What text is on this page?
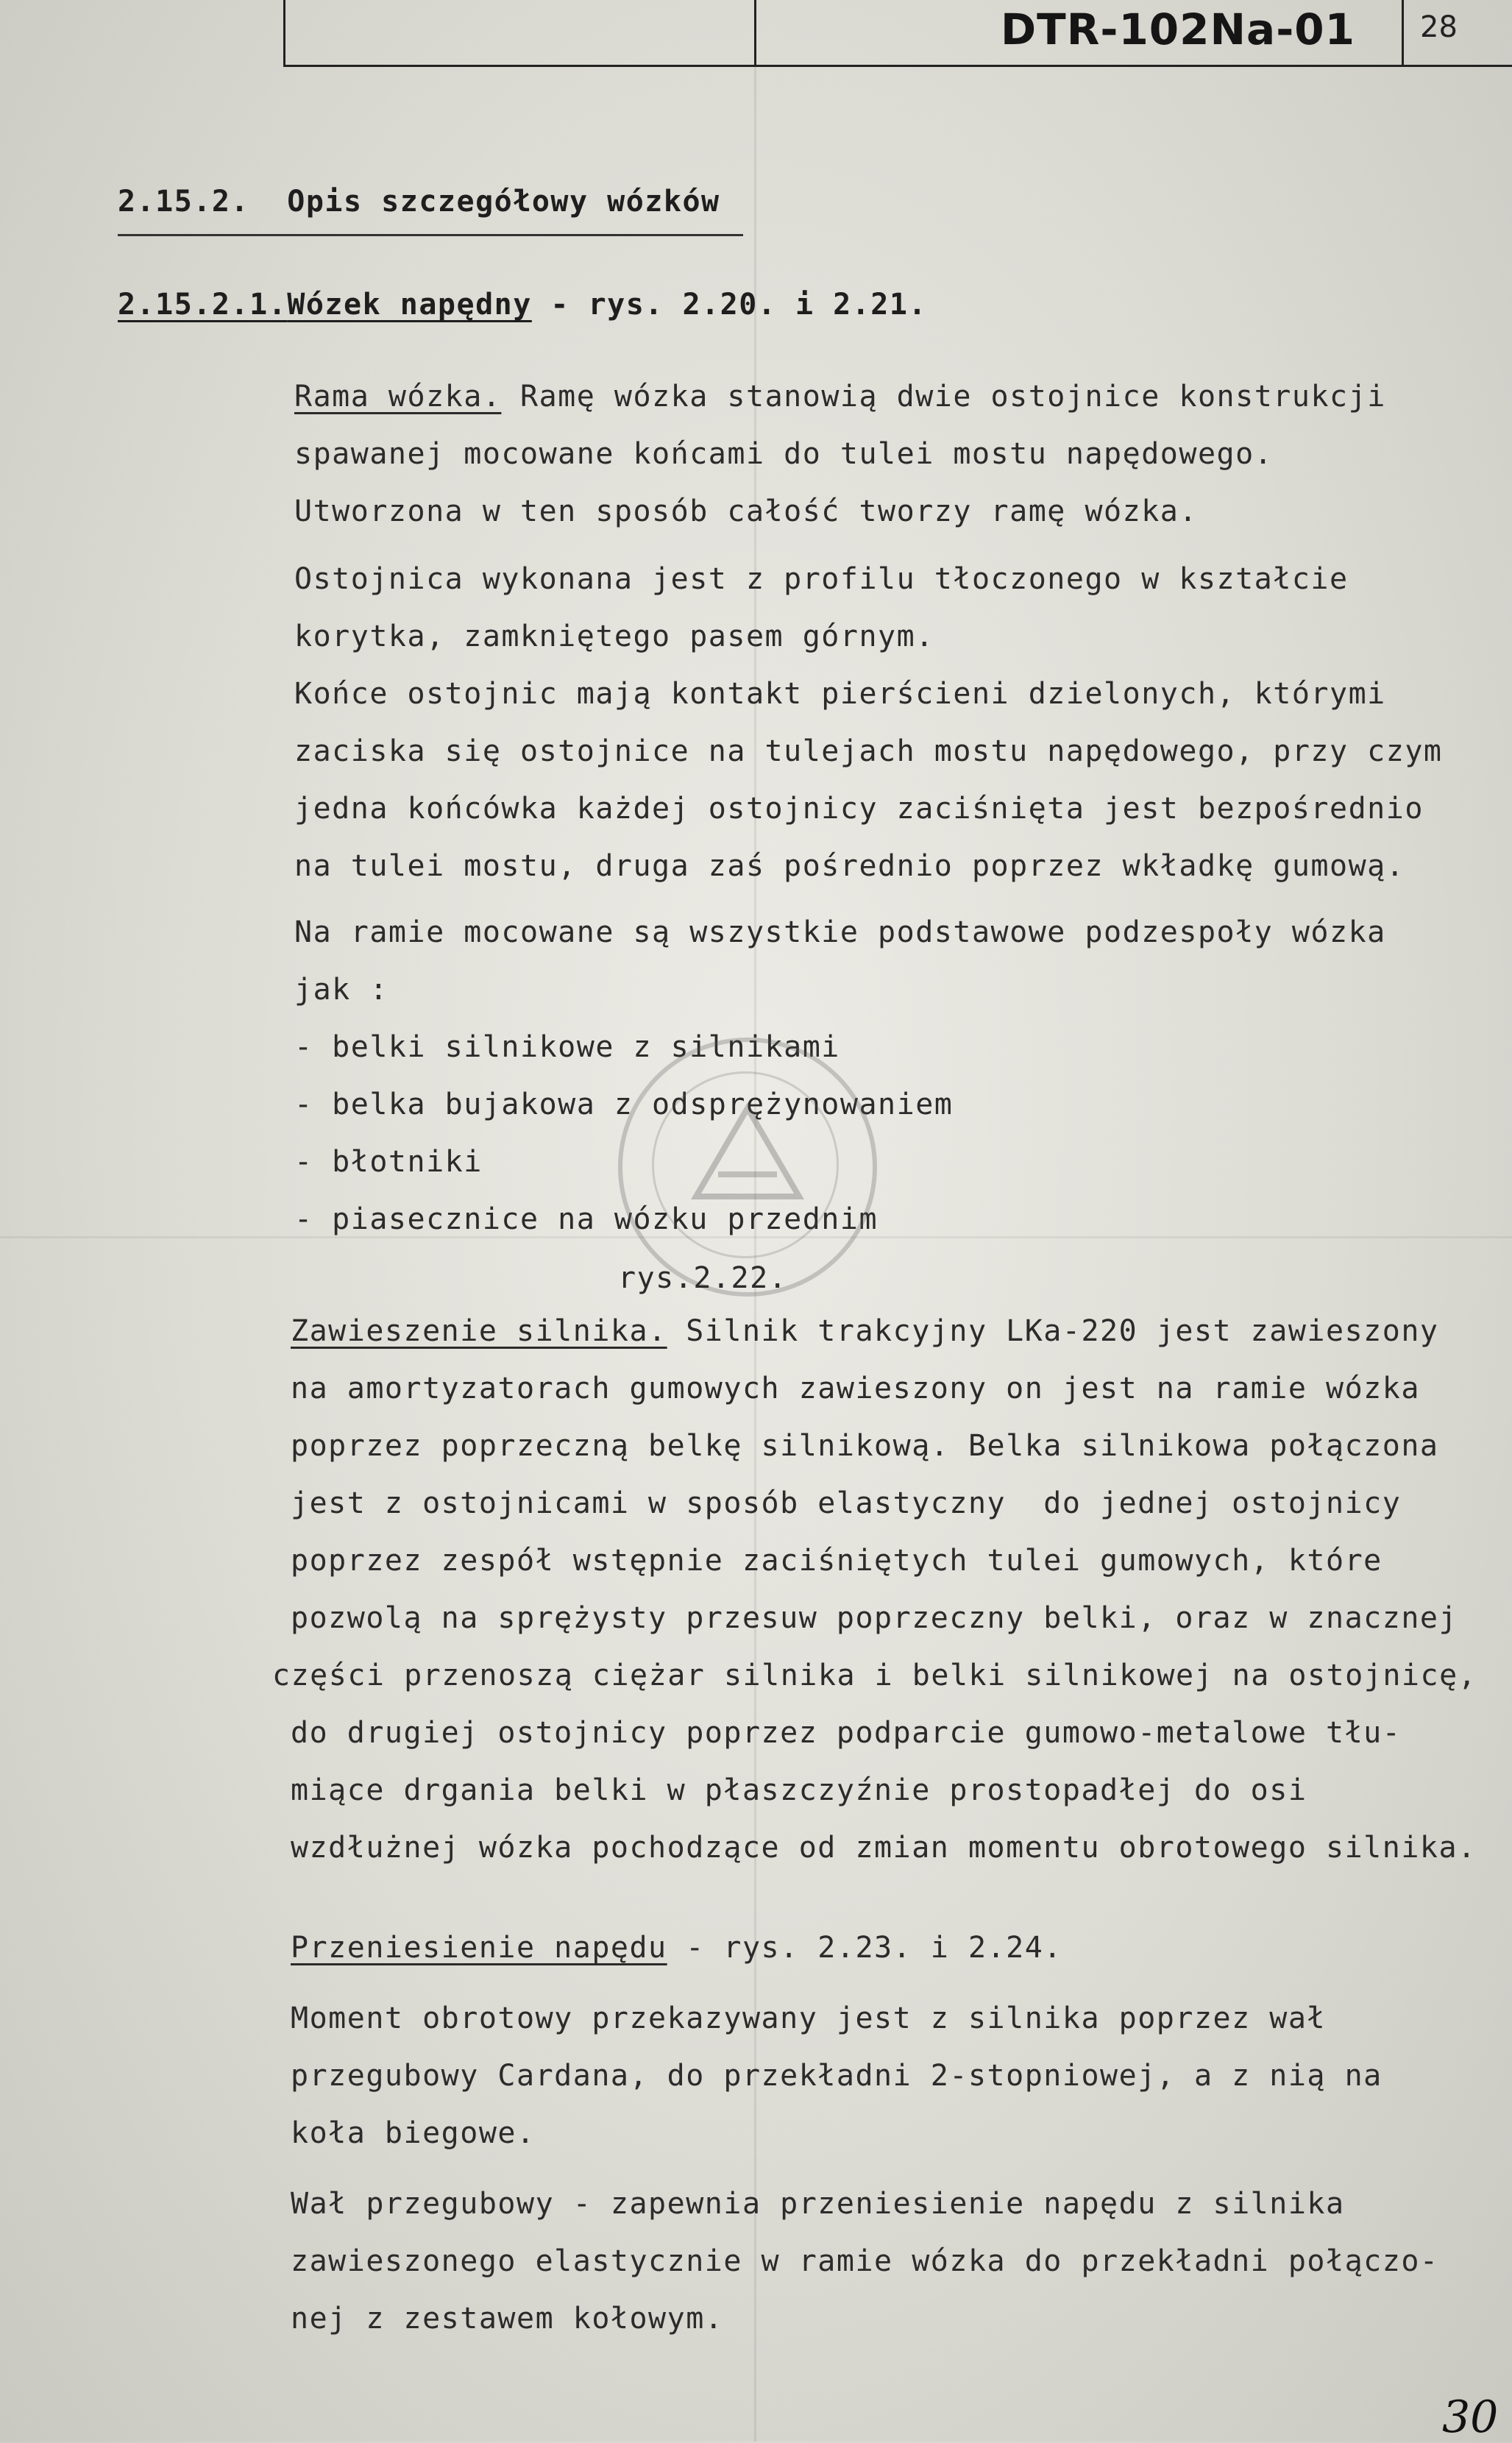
DTR-102Na-01 28
2.15.2. Opis szczegółowy wózków
2.15.2.1.Wózek napędny - rys. 2.20. i 2.21.
Rama wózka. Ramę wózka stanowią dwie ostojnice konstrukcji
spawanej mocowane końcami do tulei mostu napędowego.
Utworzona w ten sposób całość tworzy ramę wózka.
Ostojnica wykonana jest z profilu tłoczonego w kształcie
korytka, zamkniętego pasem górnym.
Końce ostojnic mają kontakt pierścieni dzielonych, którymi
zaciska się ostojnice na tulejach mostu napędowego, przy czym
jedna końcówka każdej ostojnicy zaciśnięta jest bezpośrednio
na tulei mostu, druga zaś pośrednio poprzez wkładkę gumową.
Na ramie mocowane są wszystkie podstawowe podzespoły wózka
jak :
- belki silnikowe z silnikami
- belka bujakowa z odsprężynowaniem
- błotniki
- piasecznice na wózku przednim
rys.2.22.
Zawieszenie silnika. Silnik trakcyjny LKa-220 jest zawieszony
na amortyzatorach gumowych zawieszony on jest na ramie wózka
poprzez poprzeczną belkę silnikową. Belka silnikowa połączona
jest z ostojnicami w sposób elastyczny  do jednej ostojnicy
poprzez zespół wstępnie zaciśniętych tulei gumowych, które
pozwolą na sprężysty przesuw poprzeczny belki, oraz w znacznej
części przenoszą ciężar silnika i belki silnikowej na ostojnicę,
do drugiej ostojnicy poprzez podparcie gumowo-metalowe tłu-
miące drgania belki w płaszczyźnie prostopadłej do osi
wzdłużnej wózka pochodzące od zmian momentu obrotowego silnika.
Przeniesienie napędu - rys. 2.23. i 2.24.
Moment obrotowy przekazywany jest z silnika poprzez wał
przegubowy Cardana, do przekładni 2-stopniowej, a z nią na
koła biegowe.
Wał przegubowy - zapewnia przeniesienie napędu z silnika
zawieszonego elastycznie w ramie wózka do przekładni połączo-
nej z zestawem kołowym.
30
